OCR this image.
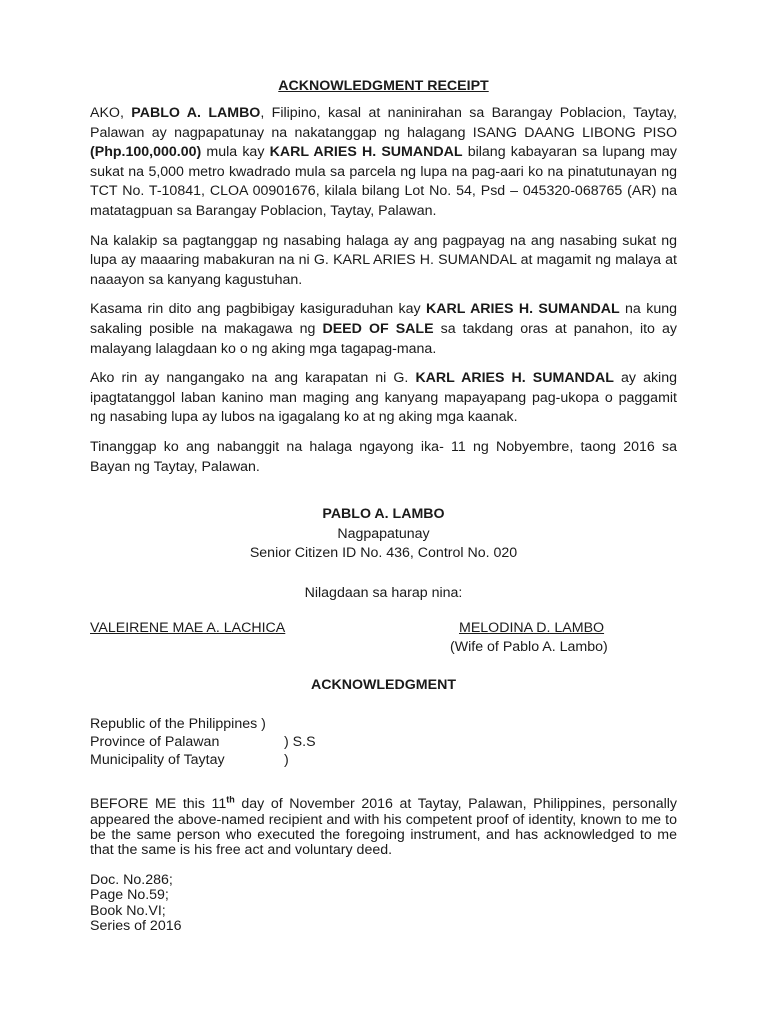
ACKNOWLEDGMENT RECEIPT

AKO, PABLO A. LAMBO, Filipino, kasal at naninirahan sa Barangay Poblacion, Taytay, Palawan ay nagpapatunay na nakatanggap ng halagang ISANG DAANG LIBONG PISO (Php.100,000.00) mula kay KARL ARIES H. SUMANDAL bilang kabayaran sa lupang may sukat na 5,000 metro kwadrado mula sa parcela ng lupa na pag-aari ko na pinatutunayan ng TCT No. T-10841, CLOA 00901676, kilala bilang Lot No. 54, Psd – 045320-068765 (AR) na matatagpuan sa Barangay Poblacion, Taytay, Palawan.

Na kalakip sa pagtanggap ng nasabing halaga ay ang pagpayag na ang nasabing sukat ng lupa ay maaaring mabakuran na ni G. KARL ARIES H. SUMANDAL at magamit ng malaya at naaayon sa kanyang kagustuhan.

Kasama rin dito ang pagbibigay kasiguraduhan kay KARL ARIES H. SUMANDAL na kung sakaling posible na makagawa ng DEED OF SALE sa takdang oras at panahon, ito ay malayang lalagdaan ko o ng aking mga tagapag-mana.

Ako rin ay nangangako na ang karapatan ni G. KARL ARIES H. SUMANDAL ay aking ipagtatanggol laban kanino man maging ang kanyang mapayapang pag-ukopa o paggamit ng nasabing lupa ay lubos na igagalang ko at ng aking mga kaanak.

Tinanggap ko ang nabanggit na halaga ngayong ika- 11 ng Nobyembre, taong 2016 sa Bayan ng Taytay, Palawan.

PABLO A. LAMBO
Nagpapatunay
Senior Citizen ID No. 436, Control No. 020
Nilagdaan sa harap nina:
VALEIRENE MAE A. LACHICA	MELODINA D. LAMBO
(Wife of Pablo A. Lambo)
ACKNOWLEDGMENT
Republic of the Philippines )
Province of Palawan	) S.S
Municipality of Taytay	)
BEFORE ME this 11th day of November 2016 at Taytay, Palawan, Philippines, personally appeared the above-named recipient and with his competent proof of identity, known to me to be the same person who executed the foregoing instrument, and has acknowledged to me that the same is his free act and voluntary deed.
Doc. No.286;
Page No.59;
Book No.VI;
Series of 2016
